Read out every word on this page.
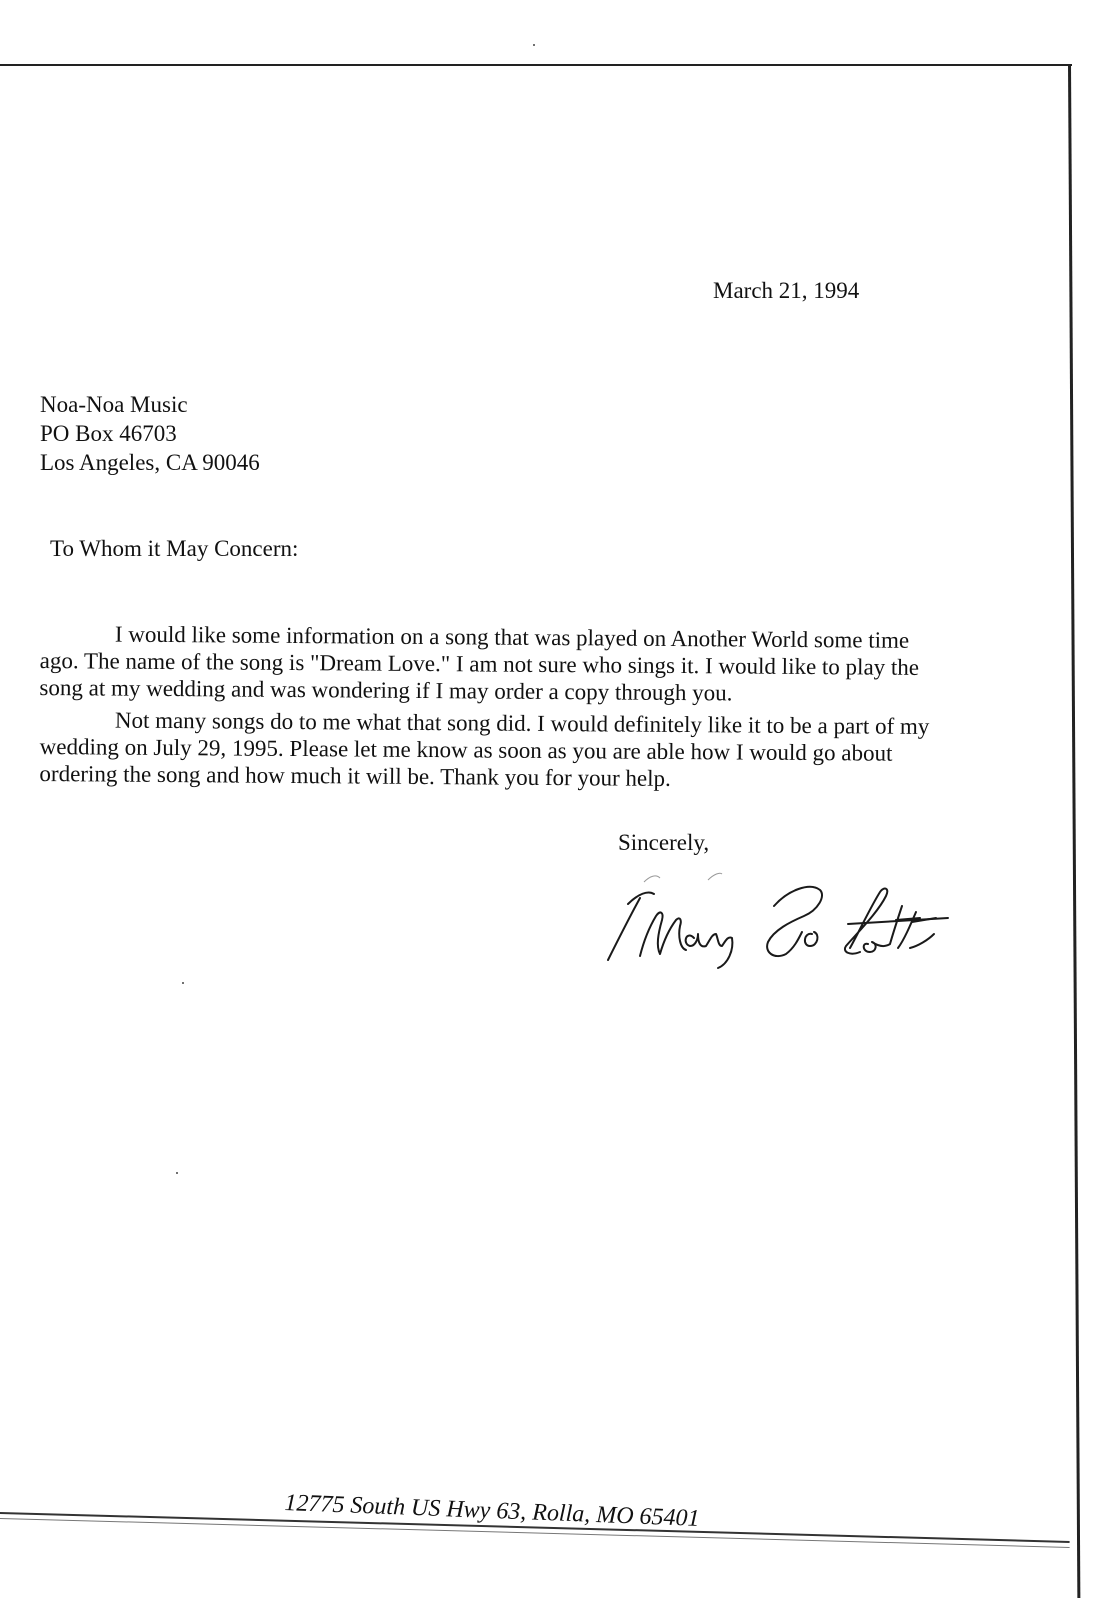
March 21, 1994
Noa-Noa Music
PO Box 46703
Los Angeles, CA 90046
To Whom it May Concern:
I would like some information on a song that was played on Another World some time
ago. The name of the song is "Dream Love." I am not sure who sings it. I would like to play the
song at my wedding and was wondering if I may order a copy through you.
Not many songs do to me what that song did. I would definitely like it to be a part of my
wedding on July 29, 1995. Please let me know as soon as you are able how I would go about
ordering the song and how much it will be. Thank you for your help.
Sincerely,
12775 South US Hwy 63, Rolla, MO 65401
